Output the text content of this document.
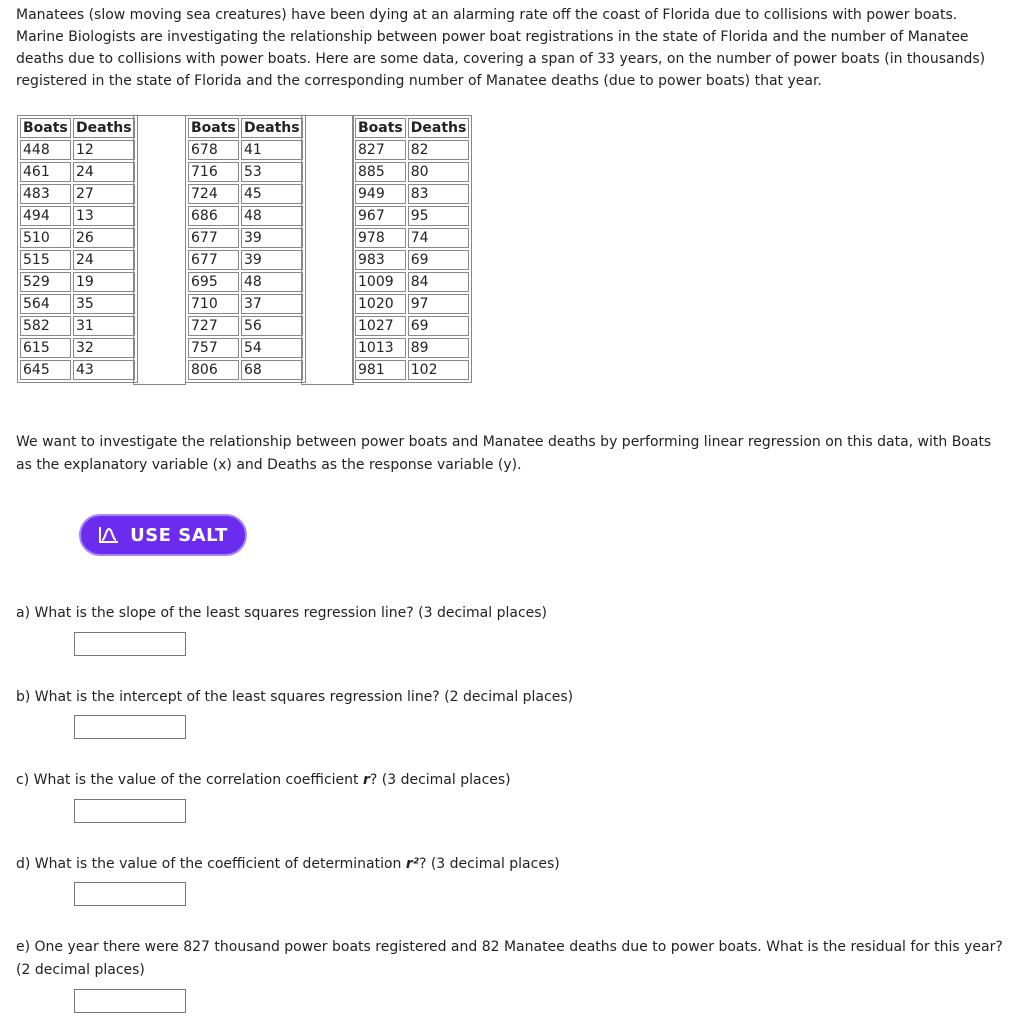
Manatees (slow moving sea creatures) have been dying at an alarming rate off the coast of Florida due to collisions with power boats. Marine Biologists are investigating the relationship between power boat registrations in the state of Florida and the number of Manatee deaths due to collisions with power boats. Here are some data, covering a span of 33 years, on the number of power boats (in thousands) registered in the state of Florida and the corresponding number of Manatee deaths (due to power boats) that year.

Boats	Deaths
448	12
461	24
483	27
494	13
510	26
515	24
529	19
564	35
582	31
615	32
645	43
Boats	Deaths
678	41
716	53
724	45
686	48
677	39
677	39
695	48
710	37
727	56
757	54
806	68
Boats	Deaths
827	82
885	80
949	83
967	95
978	74
983	69
1009	84
1020	97
1027	69
1013	89
981	102

We want to investigate the relationship between power boats and Manatee deaths by performing linear regression on this data, with Boats as the explanatory variable (x) and Deaths as the response variable (y).

USE SALT

a) What is the slope of the least squares regression line? (3 decimal places)

b) What is the intercept of the least squares regression line? (2 decimal places)

c) What is the value of the correlation coefficient r? (3 decimal places)

d) What is the value of the coefficient of determination r²? (3 decimal places)

e) One year there were 827 thousand power boats registered and 82 Manatee deaths due to power boats. What is the residual for this year? (2 decimal places)
